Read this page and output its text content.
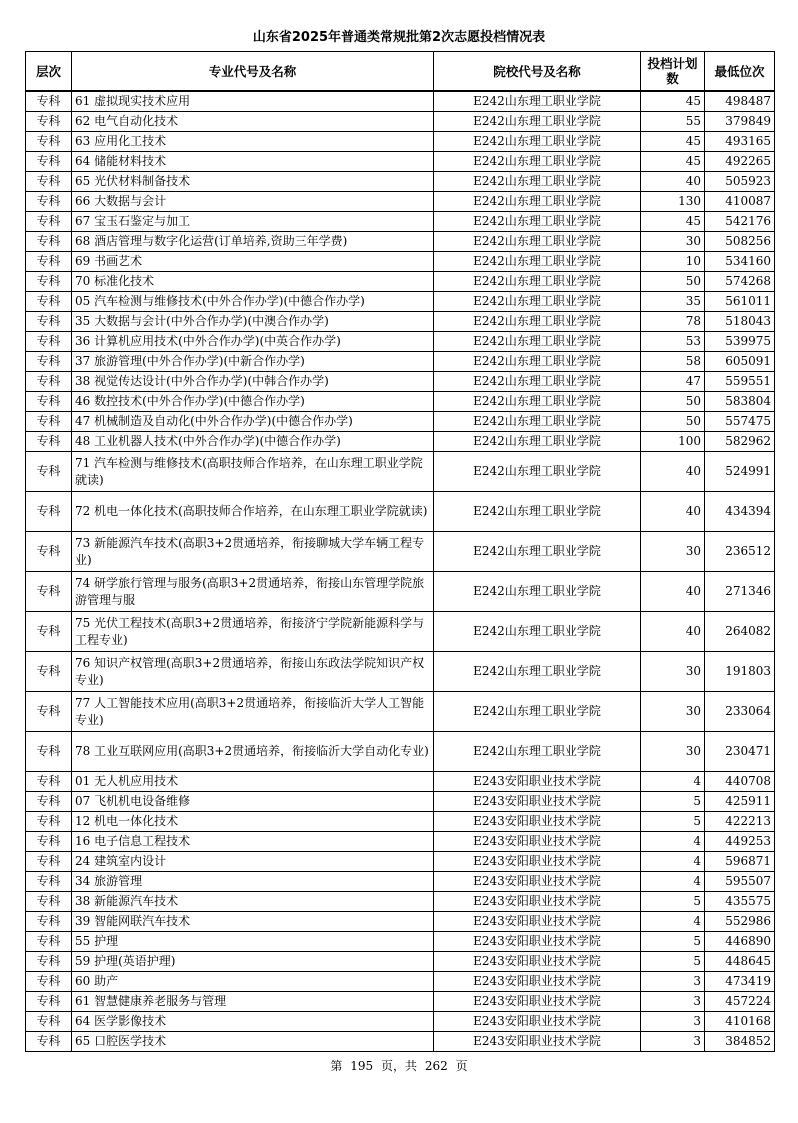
山东省2025年普通类常规批第2次志愿投档情况表
层次	专业代号及名称	院校代号及名称	投档计划数	最低位次
专科	61 虚拟现实技术应用	E242山东理工职业学院	45	498487
专科	62 电气自动化技术	E242山东理工职业学院	55	379849
专科	63 应用化工技术	E242山东理工职业学院	45	493165
专科	64 储能材料技术	E242山东理工职业学院	45	492265
专科	65 光伏材料制备技术	E242山东理工职业学院	40	505923
专科	66 大数据与会计	E242山东理工职业学院	130	410087
专科	67 宝玉石鉴定与加工	E242山东理工职业学院	45	542176
专科	68 酒店管理与数字化运营(订单培养,资助三年学费)	E242山东理工职业学院	30	508256
专科	69 书画艺术	E242山东理工职业学院	10	534160
专科	70 标准化技术	E242山东理工职业学院	50	574268
专科	05 汽车检测与维修技术(中外合作办学)(中德合作办学)	E242山东理工职业学院	35	561011
专科	35 大数据与会计(中外合作办学)(中澳合作办学)	E242山东理工职业学院	78	518043
专科	36 计算机应用技术(中外合作办学)(中英合作办学)	E242山东理工职业学院	53	539975
专科	37 旅游管理(中外合作办学)(中新合作办学)	E242山东理工职业学院	58	605091
专科	38 视觉传达设计(中外合作办学)(中韩合作办学)	E242山东理工职业学院	47	559551
专科	46 数控技术(中外合作办学)(中德合作办学)	E242山东理工职业学院	50	583804
专科	47 机械制造及自动化(中外合作办学)(中德合作办学)	E242山东理工职业学院	50	557475
专科	48 工业机器人技术(中外合作办学)(中德合作办学)	E242山东理工职业学院	100	582962
专科	71 汽车检测与维修技术(高职技师合作培养，在山东理工职业学院就读)	E242山东理工职业学院	40	524991
专科	72 机电一体化技术(高职技师合作培养，在山东理工职业学院就读)	E242山东理工职业学院	40	434394
专科	73 新能源汽车技术(高职3+2贯通培养，衔接聊城大学车辆工程专业)	E242山东理工职业学院	30	236512
专科	74 研学旅行管理与服务(高职3+2贯通培养，衔接山东管理学院旅游管理与服	E242山东理工职业学院	40	271346
专科	75 光伏工程技术(高职3+2贯通培养，衔接济宁学院新能源科学与工程专业)	E242山东理工职业学院	40	264082
专科	76 知识产权管理(高职3+2贯通培养，衔接山东政法学院知识产权专业)	E242山东理工职业学院	30	191803
专科	77 人工智能技术应用(高职3+2贯通培养，衔接临沂大学人工智能专业)	E242山东理工职业学院	30	233064
专科	78 工业互联网应用(高职3+2贯通培养，衔接临沂大学自动化专业)	E242山东理工职业学院	30	230471
专科	01 无人机应用技术	E243安阳职业技术学院	4	440708
专科	07 飞机机电设备维修	E243安阳职业技术学院	5	425911
专科	12 机电一体化技术	E243安阳职业技术学院	5	422213
专科	16 电子信息工程技术	E243安阳职业技术学院	4	449253
专科	24 建筑室内设计	E243安阳职业技术学院	4	596871
专科	34 旅游管理	E243安阳职业技术学院	4	595507
专科	38 新能源汽车技术	E243安阳职业技术学院	5	435575
专科	39 智能网联汽车技术	E243安阳职业技术学院	4	552986
专科	55 护理	E243安阳职业技术学院	5	446890
专科	59 护理(英语护理)	E243安阳职业技术学院	5	448645
专科	60 助产	E243安阳职业技术学院	3	473419
专科	61 智慧健康养老服务与管理	E243安阳职业技术学院	3	457224
专科	64 医学影像技术	E243安阳职业技术学院	3	410168
专科	65 口腔医学技术	E243安阳职业技术学院	3	384852
第 195 页，共 262 页
